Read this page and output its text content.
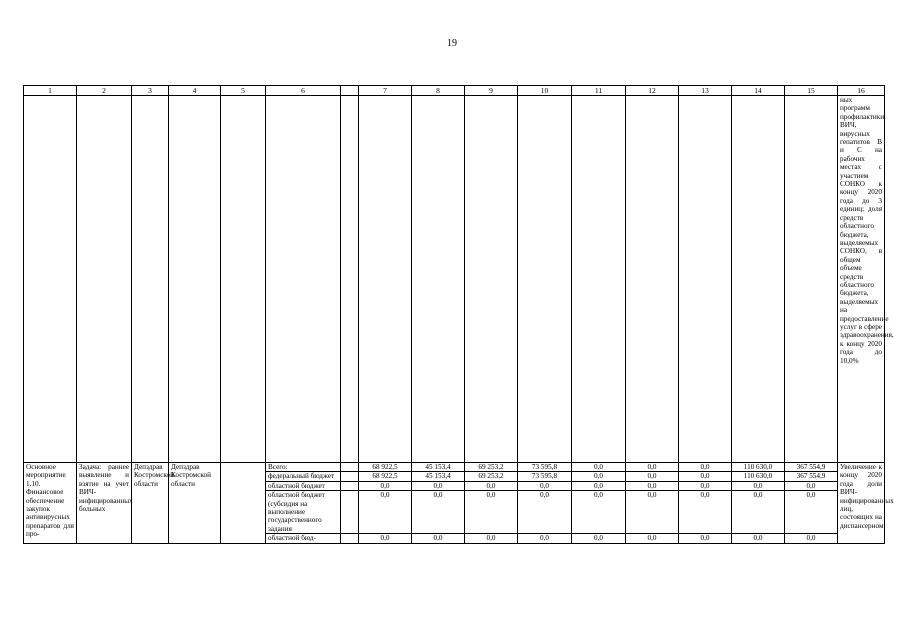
19
1	2	3	4	5	6		7	8	9	10	11	12	13	14	15	16
																ных программ профилактики ВИЧ, вирусных гепатитов В и С на рабочих местах с участием СОНКО к концу 2020 года до 3 единиц; доля средств областного бюджета, выделяемых СОНКО, в общем объеме средств областного бюджета, выделяемых на предоставление услуг в сфере здравоохранения, к концу 2020 года до 10,0%
Основное мероприятие 1.10. Финансовое обеспечение закупок антивирусных препаратов для про-	Задача: раннее выявление и взятие на учет ВИЧ-инфицированных больных	Депздрав Костромской области	Депздрав Костромской области		Всего:		68 922,5	45 153,4	69 253,2	73 595,8	0,0	0,0	0,0	110 630,0	367 554,9	Увеличение к концу 2020 года доли ВИЧ-инфицированных лиц, состоящих на диспансерном
					федеральный бюджет		68 922,5	45 153,4	69 253,2	73 595,8	0,0	0,0	0,0	110 630,0	367 554,9	
					областной бюджет		0,0	0,0	0,0	0,0	0,0	0,0	0,0	0,0	0,0	
					областной бюджет (субсидия на выполнение государственного задания		0,0	0,0	0,0	0,0	0,0	0,0	0,0	0,0	0,0	
					областной бюд-		0,0	0,0	0,0	0,0	0,0	0,0	0,0	0,0	0,0	
